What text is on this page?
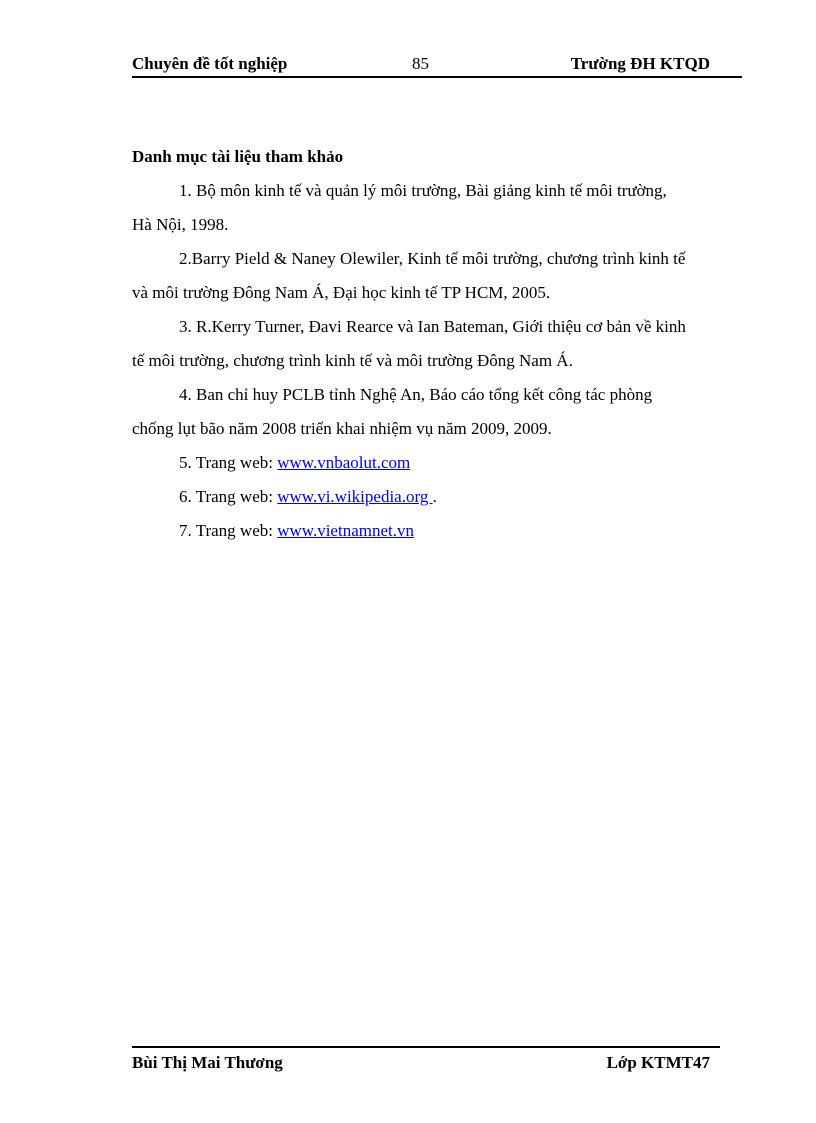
Chuyên đề tốt nghiệp	85	Trường ĐH KTQD
Danh mục tài liệu tham khảo

1. Bộ môn kinh tế và quản lý môi trường, Bài giảng kinh tế môi trường,

Hà Nội, 1998.

2.Barry Pield & Naney Olewiler, Kinh tế môi trường, chương trình kinh tế

và môi trường Đông Nam Á, Đại học kinh tế TP HCM, 2005.

3. R.Kerry Turner, Đavi Rearce và Ian Bateman, Giới thiệu cơ bản về kinh

tế môi trường, chương trình kinh tế và môi trường Đông Nam Á.

4. Ban chỉ huy PCLB tỉnh Nghệ An, Báo cáo tổng kết công tác phòng

chống lụt bão năm 2008 triển khai nhiệm vụ năm 2009, 2009.

5. Trang web: www.vnbaolut.com

6. Trang web: www.vi.wikipedia.org .

7. Trang web: www.vietnamnet.vn

Bùi Thị Mai Thương	Lớp KTMT47
